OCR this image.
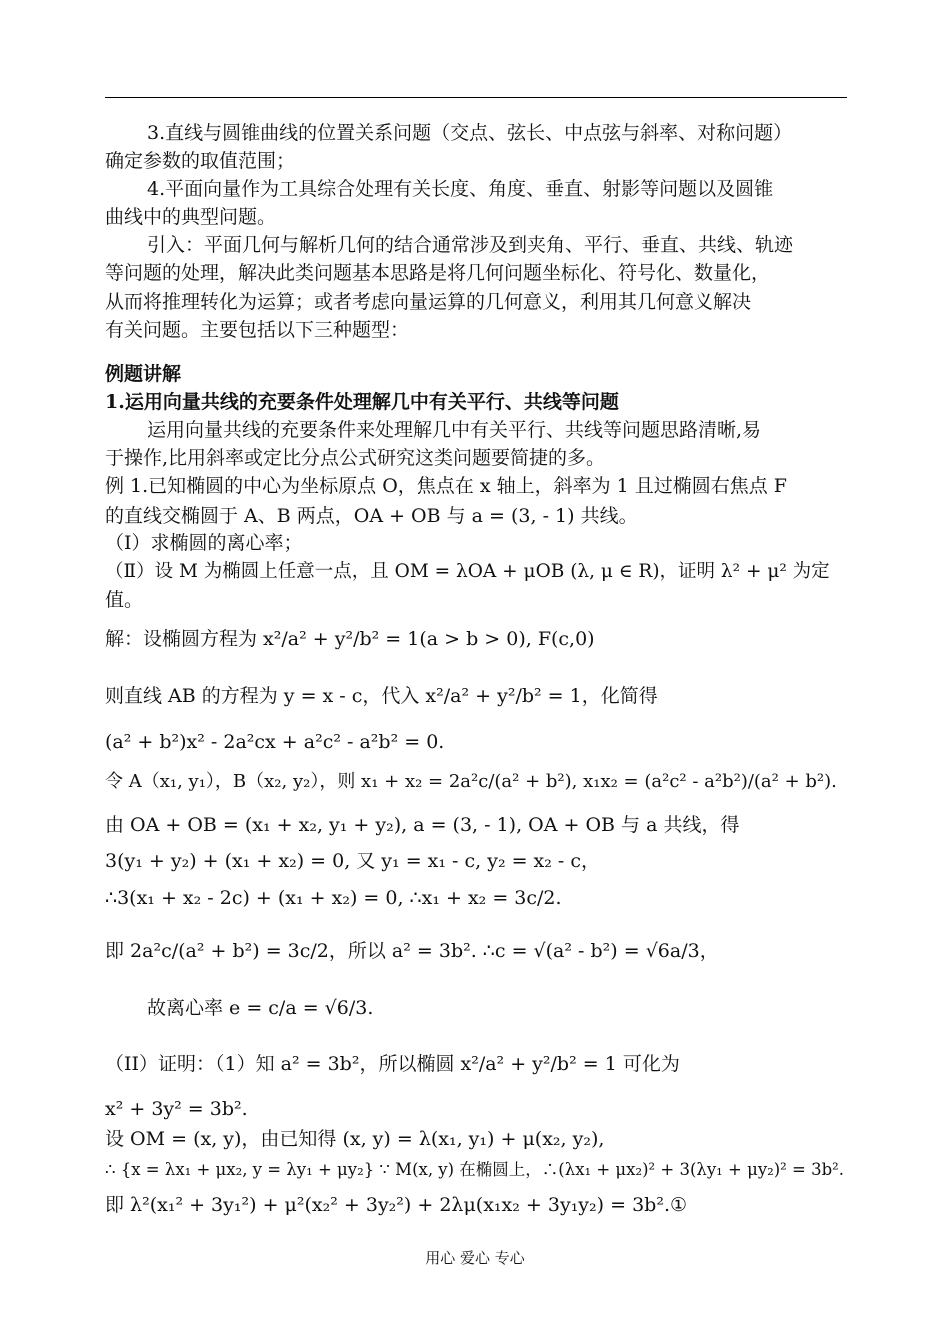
3.直线与圆锥曲线的位置关系问题（交点、弦长、中点弦与斜率、对称问题）
确定参数的取值范围；
4.平面向量作为工具综合处理有关长度、角度、垂直、射影等问题以及圆锥
曲线中的典型问题。
引入：平面几何与解析几何的结合通常涉及到夹角、平行、垂直、共线、轨迹
等问题的处理，解决此类问题基本思路是将几何问题坐标化、符号化、数量化，
从而将推理转化为运算；或者考虑向量运算的几何意义，利用其几何意义解决
有关问题。主要包括以下三种题型：
例题讲解
1.运用向量共线的充要条件处理解几中有关平行、共线等问题
运用向量共线的充要条件来处理解几中有关平行、共线等问题思路清晰,易
于操作,比用斜率或定比分点公式研究这类问题要简捷的多。
例 1.已知椭圆的中心为坐标原点 O，焦点在 x 轴上，斜率为 1 且过椭圆右焦点 F
的直线交椭圆于 A、B 两点，OA + OB 与 a = (3, - 1) 共线。
（Ⅰ）求椭圆的离心率；
（Ⅱ）设 M 为椭圆上任意一点，且 OM = λOA + μOB (λ, μ ∈ R)，证明 λ² + μ² 为定
值。
解：设椭圆方程为 x²/a² + y²/b² = 1(a > b > 0), F(c,0)
则直线 AB 的方程为 y = x - c，代入 x²/a² + y²/b² = 1，化简得
(a² + b²)x² - 2a²cx + a²c² - a²b² = 0.
令 A（x₁, y₁），B（x₂, y₂），则 x₁ + x₂ = 2a²c/(a² + b²), x₁x₂ = (a²c² - a²b²)/(a² + b²).
由 OA + OB = (x₁ + x₂, y₁ + y₂), a = (3, - 1), OA + OB 与 a 共线，得
3(y₁ + y₂) + (x₁ + x₂) = 0, 又 y₁ = x₁ - c, y₂ = x₂ - c，
∴3(x₁ + x₂ - 2c) + (x₁ + x₂) = 0, ∴x₁ + x₂ = 3c/2.
即 2a²c/(a² + b²) = 3c/2，所以 a² = 3b². ∴c = √(a² - b²) = √6a/3，
故离心率 e = c/a = √6/3.
（II）证明：（1）知 a² = 3b²，所以椭圆 x²/a² + y²/b² = 1 可化为
x² + 3y² = 3b².
设 OM = (x, y)，由已知得 (x, y) = λ(x₁, y₁) + μ(x₂, y₂),
∴ {x = λx₁ + μx₂, y = λy₁ + μy₂} ∵ M(x, y) 在椭圆上，∴(λx₁ + μx₂)² + 3(λy₁ + μy₂)² = 3b².
即 λ²(x₁² + 3y₁²) + μ²(x₂² + 3y₂²) + 2λμ(x₁x₂ + 3y₁y₂) = 3b².①
用心 爱心 专心
